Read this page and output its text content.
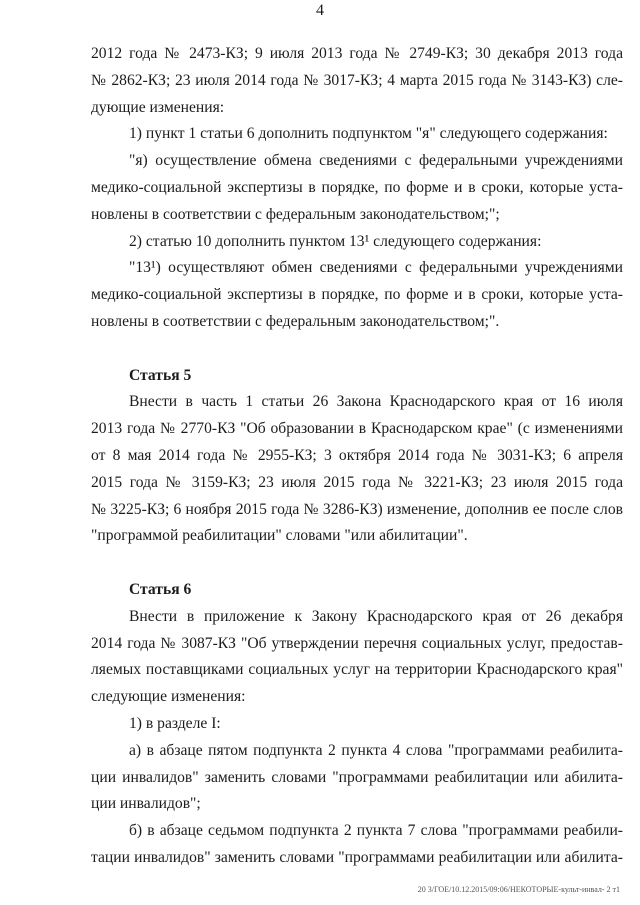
4

2012 года № 2473-КЗ; 9 июля 2013 года № 2749-КЗ; 30 декабря 2013 года
№ 2862-КЗ; 23 июля 2014 года № 3017-КЗ; 4 марта 2015 года № 3143-КЗ) сле-
дующие изменения:

1) пункт 1 статьи 6 дополнить подпунктом "я" следующего содержания:

"я) осуществление обмена сведениями с федеральными учреждениями
медико-социальной экспертизы в порядке, по форме и в сроки, которые уста-
новлены в соответствии с федеральным законодательством;";

2) статью 10 дополнить пунктом 13¹ следующего содержания:

"13¹) осуществляют обмен сведениями с федеральными учреждениями
медико-социальной экспертизы в порядке, по форме и в сроки, которые уста-
новлены в соответствии с федеральным законодательством;".

Статья 5

Внести в часть 1 статьи 26 Закона Краснодарского края от 16 июля
2013 года № 2770-КЗ "Об образовании в Краснодарском крае" (с изменениями
от 8 мая 2014 года № 2955-КЗ; 3 октября 2014 года № 3031-КЗ; 6 апреля
2015 года № 3159-КЗ; 23 июля 2015 года № 3221-КЗ; 23 июля 2015 года
№ 3225-КЗ; 6 ноября 2015 года № 3286-КЗ) изменение, дополнив ее после слов
"программой реабилитации" словами "или абилитации".

Статья 6

Внести в приложение к Закону Краснодарского края от 26 декабря
2014 года № 3087-КЗ "Об утверждении перечня социальных услуг, предостав-
ляемых поставщиками социальных услуг на территории Краснодарского края"
следующие изменения:

1) в разделе I:

а) в абзаце пятом подпункта 2 пункта 4 слова "программами реабилита-
ции инвалидов" заменить словами "программами реабилитации или абилита-
ции инвалидов";

б) в абзаце седьмом подпункта 2 пункта 7 слова "программами реабили-
тации инвалидов" заменить словами "программами реабилитации или абилита-

20 3/ГОЕ/10.12.2015/09:06/НЕКОТОРЫЕ-культ-инвал- 2 т1
